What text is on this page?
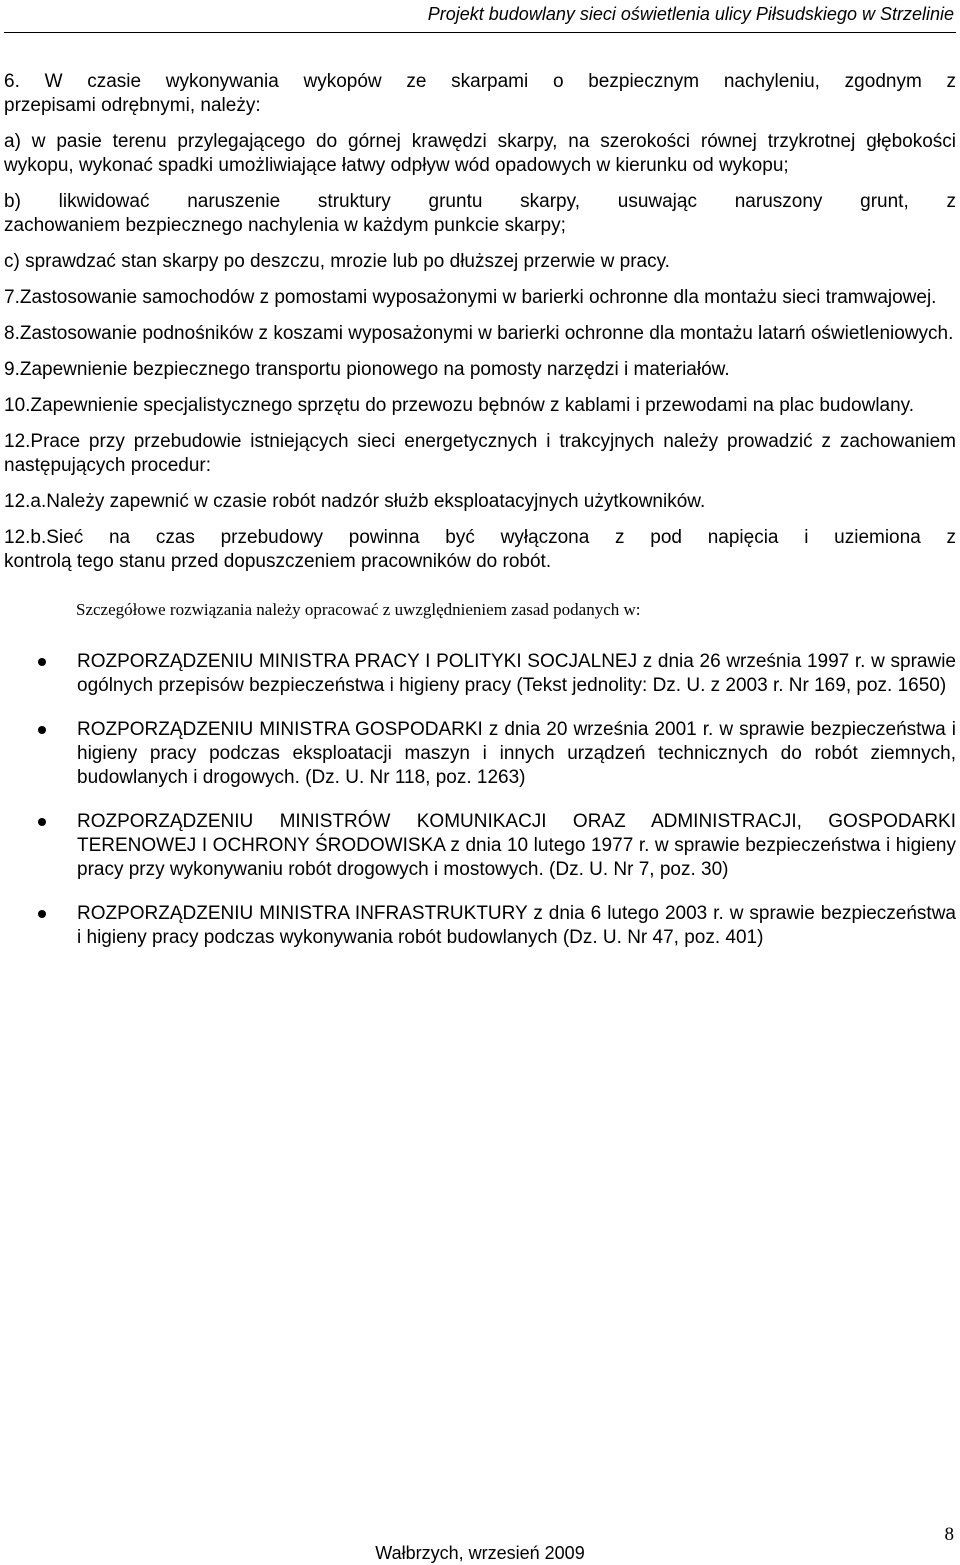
Projekt budowlany sieci oświetlenia ulicy Piłsudskiego w Strzelinie

6. W czasie wykonywania wykopów ze skarpami o bezpiecznym nachyleniu, zgodnym z
przepisami odrębnymi, należy:

a) w pasie terenu przylegającego do górnej krawędzi skarpy, na szerokości równej trzykrotnej głębokości wykopu, wykonać spadki umożliwiające łatwy odpływ wód opadowych w kierunku od wykopu;

b) likwidować naruszenie struktury gruntu skarpy, usuwając naruszony grunt, z
zachowaniem bezpiecznego nachylenia w każdym punkcie skarpy;

c) sprawdzać stan skarpy po deszczu, mrozie lub po dłuższej przerwie w pracy.

7.Zastosowanie samochodów z pomostami wyposażonymi w barierki ochronne dla montażu sieci tramwajowej.

8.Zastosowanie podnośników z koszami wyposażonymi w barierki ochronne dla montażu latarń oświetleniowych.

9.Zapewnienie bezpiecznego transportu pionowego na pomosty narzędzi i materiałów.

10.Zapewnienie specjalistycznego sprzętu do przewozu bębnów z kablami i przewodami na plac budowlany.

12.Prace przy przebudowie istniejących sieci energetycznych i trakcyjnych należy prowadzić z zachowaniem następujących procedur:

12.a.Należy zapewnić w czasie robót nadzór służb eksploatacyjnych użytkowników.

12.b.Sieć na czas przebudowy powinna być wyłączona z pod napięcia i uziemiona z
kontrolą tego stanu przed dopuszczeniem pracowników do robót.

Szczegółowe rozwiązania należy opracować z uwzględnieniem zasad podanych w:
ROZPORZĄDZENIU MINISTRA PRACY I POLITYKI SOCJALNEJ z dnia 26 września 1997 r. w sprawie ogólnych przepisów bezpieczeństwa i higieny pracy (Tekst jednolity: Dz. U. z 2003 r. Nr 169, poz. 1650)
ROZPORZĄDZENIU MINISTRA GOSPODARKI z dnia 20 września 2001 r. w sprawie bezpieczeństwa i higieny pracy podczas eksploatacji maszyn i innych urządzeń technicznych do robót ziemnych, budowlanych i drogowych. (Dz. U. Nr 118, poz. 1263)
ROZPORZĄDZENIU MINISTRÓW KOMUNIKACJI ORAZ ADMINISTRACJI, GOSPODARKI TERENOWEJ I OCHRONY ŚRODOWISKA z dnia 10 lutego 1977 r. w sprawie bezpieczeństwa i higieny pracy przy wykonywaniu robót drogowych i mostowych. (Dz. U. Nr 7, poz. 30)
ROZPORZĄDZENIU MINISTRA INFRASTRUKTURY z dnia 6 lutego 2003 r. w sprawie bezpieczeństwa i higieny pracy podczas wykonywania robót budowlanych (Dz. U. Nr 47, poz. 401)
8
Wałbrzych, wrzesień 2009
